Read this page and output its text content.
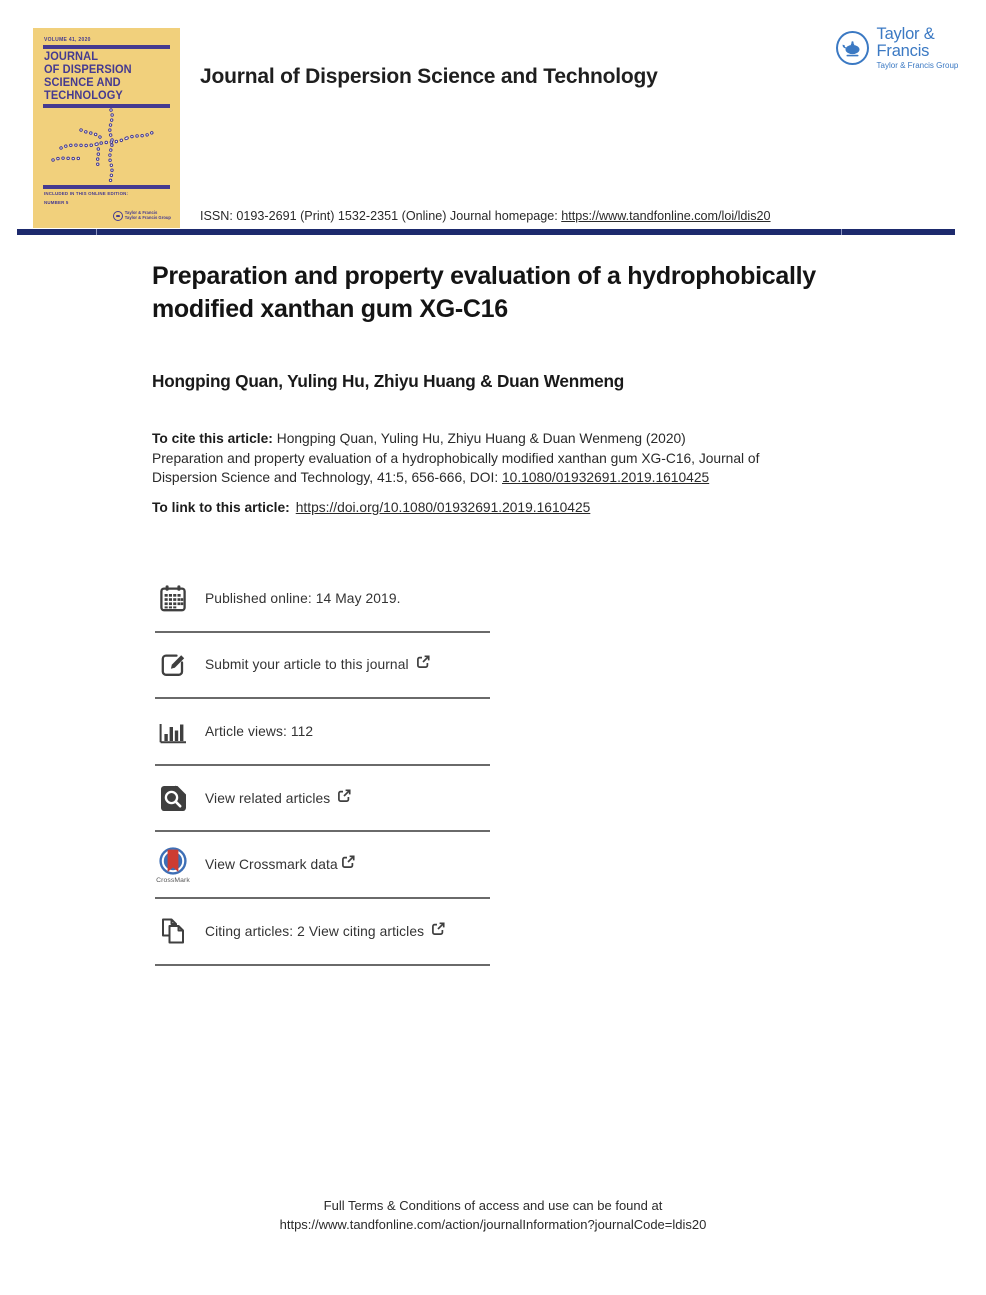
VOLUME 41, 2020
JOURNAL
OF DISPERSION
SCIENCE AND
TECHNOLOGY
INCLUDED IN THIS ONLINE EDITION:
NUMBER 5
Taylor & Francis
Taylor & Francis Group
Taylor & Francis
Taylor & Francis Group
Journal of Dispersion Science and Technology
ISSN: 0193-2691 (Print) 1532-2351 (Online) Journal homepage: https://www.tandfonline.com/loi/ldis20
Preparation and property evaluation of a hydrophobically modified xanthan gum XG-C16
Hongping Quan, Yuling Hu, Zhiyu Huang & Duan Wenmeng
To cite this article: Hongping Quan, Yuling Hu, Zhiyu Huang & Duan Wenmeng (2020)
Preparation and property evaluation of a hydrophobically modified xanthan gum XG-C16, Journal of
Dispersion Science and Technology, 41:5, 656-666, DOI: 10.1080/01932691.2019.1610425
To link to this article: https://doi.org/10.1080/01932691.2019.1610425
Published online: 14 May 2019.
Submit your article to this journal
Article views: 112
View related articles
CrossMark
View Crossmark data
Citing articles: 2 View citing articles
Full Terms & Conditions of access and use can be found at
https://www.tandfonline.com/action/journalInformation?journalCode=ldis20
